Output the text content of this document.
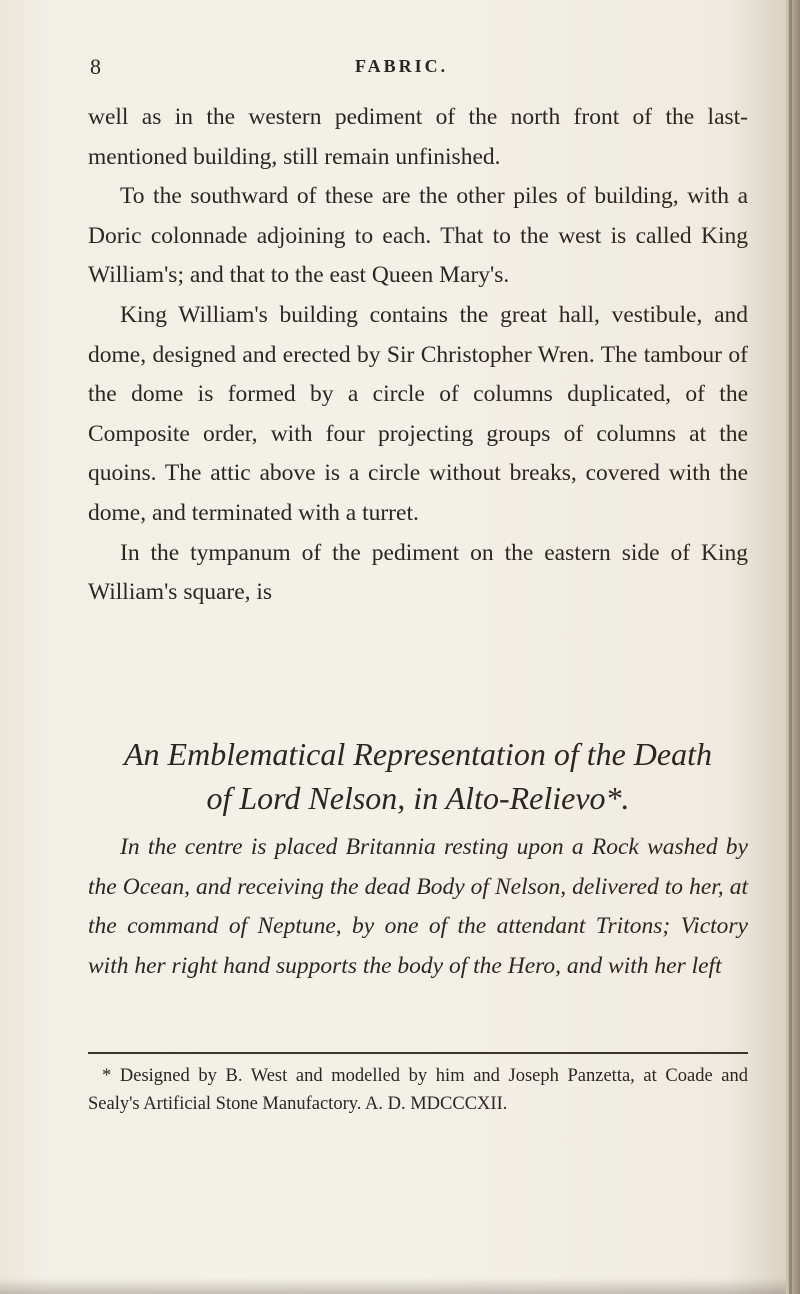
8	FABRIC.

well as in the western pediment of the north front of the last-mentioned building, still remain unfinished.

To the southward of these are the other piles of building, with a Doric colonnade adjoining to each. That to the west is called King William's; and that to the east Queen Mary's.

King William's building contains the great hall, vestibule, and dome, designed and erected by Sir Christopher Wren. The tambour of the dome is formed by a circle of columns duplicated, of the Composite order, with four projecting groups of columns at the quoins. The attic above is a circle without breaks, covered with the dome, and terminated with a turret.

In the tympanum of the pediment on the eastern side of King William's square, is

An Emblematical Representation of the Death
of Lord Nelson, in Alto-Relievo*.

In the centre is placed Britannia resting upon a Rock washed by the Ocean, and receiving the dead Body of Nelson, delivered to her, at the command of Neptune, by one of the attendant Tritons; Victory with her right hand supports the body of the Hero, and with her left

* Designed by B. West and modelled by him and Joseph Panzetta, at Coade and Sealy's Artificial Stone Manufactory. A. D. MDCCCXII.
